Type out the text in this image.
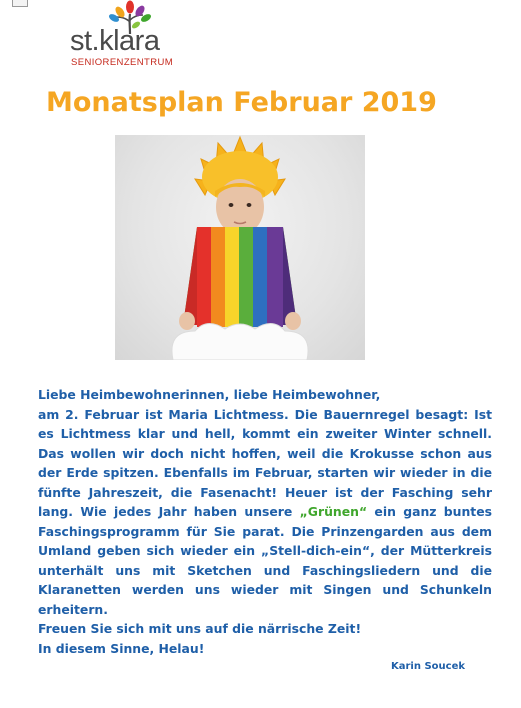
st.klara
SENIORENZENTRUM
Monatsplan Februar 2019

Liebe Heimbewohnerinnen, liebe Heimbewohner,

am 2. Februar ist Maria Lichtmess. Die Bauernregel besagt: Ist es Lichtmess klar und hell, kommt ein zweiter Winter schnell. Das wollen wir doch nicht hoffen, weil die Krokusse schon aus der Erde spitzen. Ebenfalls im Februar, starten wir wieder in die fünfte Jahreszeit, die Fasenacht! Heuer ist der Fasching sehr lang. Wie jedes Jahr haben unsere „Grünen“ ein ganz buntes Faschingsprogramm für Sie parat. Die Prinzengarden aus dem Umland geben sich wieder ein „Stell-dich-ein“, der Mütterkreis unterhält uns mit Sketchen und Faschingsliedern und die Klaranetten werden uns wieder mit Singen und Schunkeln erheitern.

Freuen Sie sich mit uns auf die närrische Zeit!

In diesem Sinne, Helau!

Karin Soucek
